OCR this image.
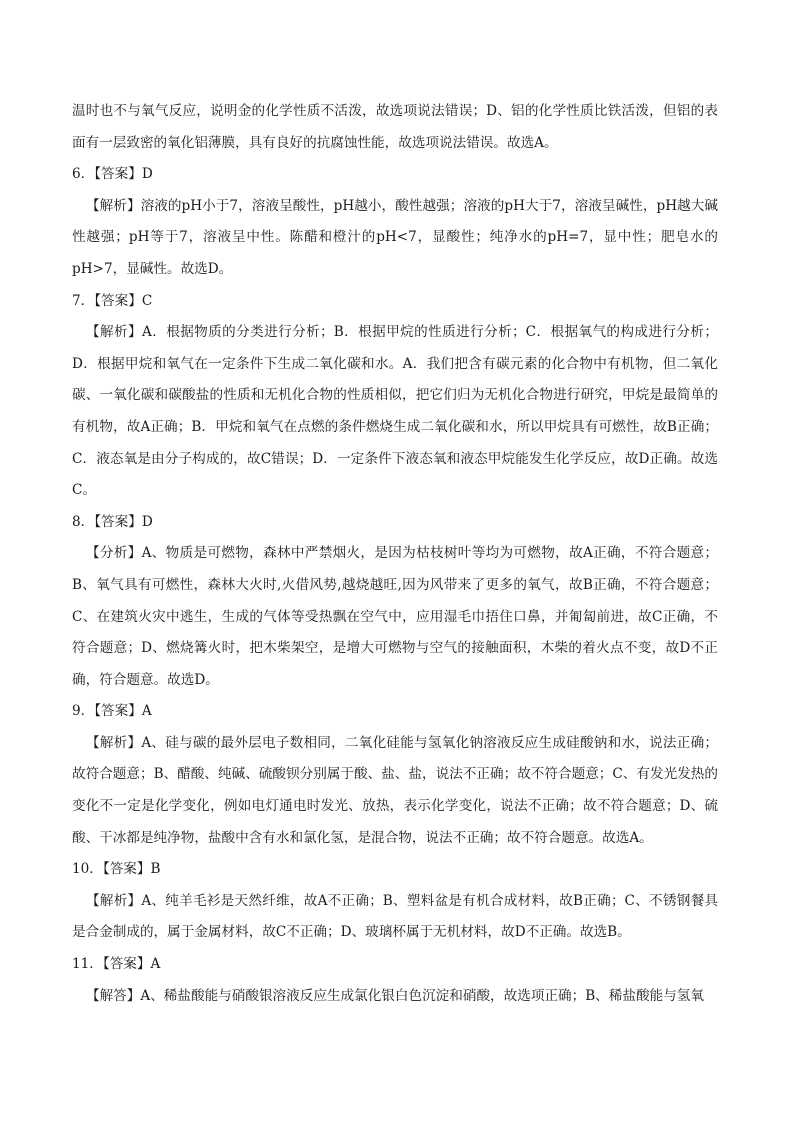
温时也不与氧气反应，说明金的化学性质不活泼，故选项说法错误；D、铝的化学性质比铁活泼，但铝的表面有一层致密的氧化铝薄膜，具有良好的抗腐蚀性能，故选项说法错误。故选A。

6．【答案】D

【解析】溶液的pH小于7，溶液呈酸性，pH越小，酸性越强；溶液的pH大于7，溶液呈碱性，pH越大碱性越强；pH等于7，溶液呈中性。陈醋和橙汁的pH<7，显酸性；纯净水的pH=7，显中性；肥皂水的pH>7，显碱性。故选D。

7．【答案】C

【解析】A．根据物质的分类进行分析；B．根据甲烷的性质进行分析；C．根据氧气的构成进行分析；D．根据甲烷和氧气在一定条件下生成二氧化碳和水。A．我们把含有碳元素的化合物中有机物，但二氧化碳、一氧化碳和碳酸盐的性质和无机化合物的性质相似，把它们归为无机化合物进行研究，甲烷是最简单的有机物，故A正确；B．甲烷和氧气在点燃的条件燃烧生成二氧化碳和水，所以甲烷具有可燃性，故B正确；C．液态氧是由分子构成的，故C错误；D．一定条件下液态氧和液态甲烷能发生化学反应，故D正确。故选C。

8．【答案】D

【分析】A、物质是可燃物，森林中严禁烟火，是因为枯枝树叶等均为可燃物，故A正确，不符合题意；B、氧气具有可燃性，森林大火时,火借风势,越烧越旺,因为风带来了更多的氧气，故B正确，不符合题意；C、在建筑火灾中逃生，生成的气体等受热飘在空气中，应用湿毛巾捂住口鼻，并匍匐前进，故C正确，不符合题意；D、燃烧篝火时，把木柴架空，是增大可燃物与空气的接触面积，木柴的着火点不变，故D不正确，符合题意。故选D。

9．【答案】A

【解析】A、硅与碳的最外层电子数相同，二氧化硅能与氢氧化钠溶液反应生成硅酸钠和水，说法正确；故符合题意；B、醋酸、纯碱、硫酸钡分别属于酸、盐、盐，说法不正确；故不符合题意；C、有发光发热的变化不一定是化学变化，例如电灯通电时发光、放热，表示化学变化，说法不正确；故不符合题意；D、硫酸、干冰都是纯净物，盐酸中含有水和氯化氢，是混合物，说法不正确；故不符合题意。故选A。

10．【答案】B

【解析】A、纯羊毛衫是天然纤维，故A不正确；B、塑料盆是有机合成材料，故B正确；C、不锈钢餐具是合金制成的，属于金属材料，故C不正确；D、玻璃杯属于无机材料，故D不正确。故选B。

11．【答案】A

【解答】A、稀盐酸能与硝酸银溶液反应生成氯化银白色沉淀和硝酸，故选项正确；B、稀盐酸能与氢氧
